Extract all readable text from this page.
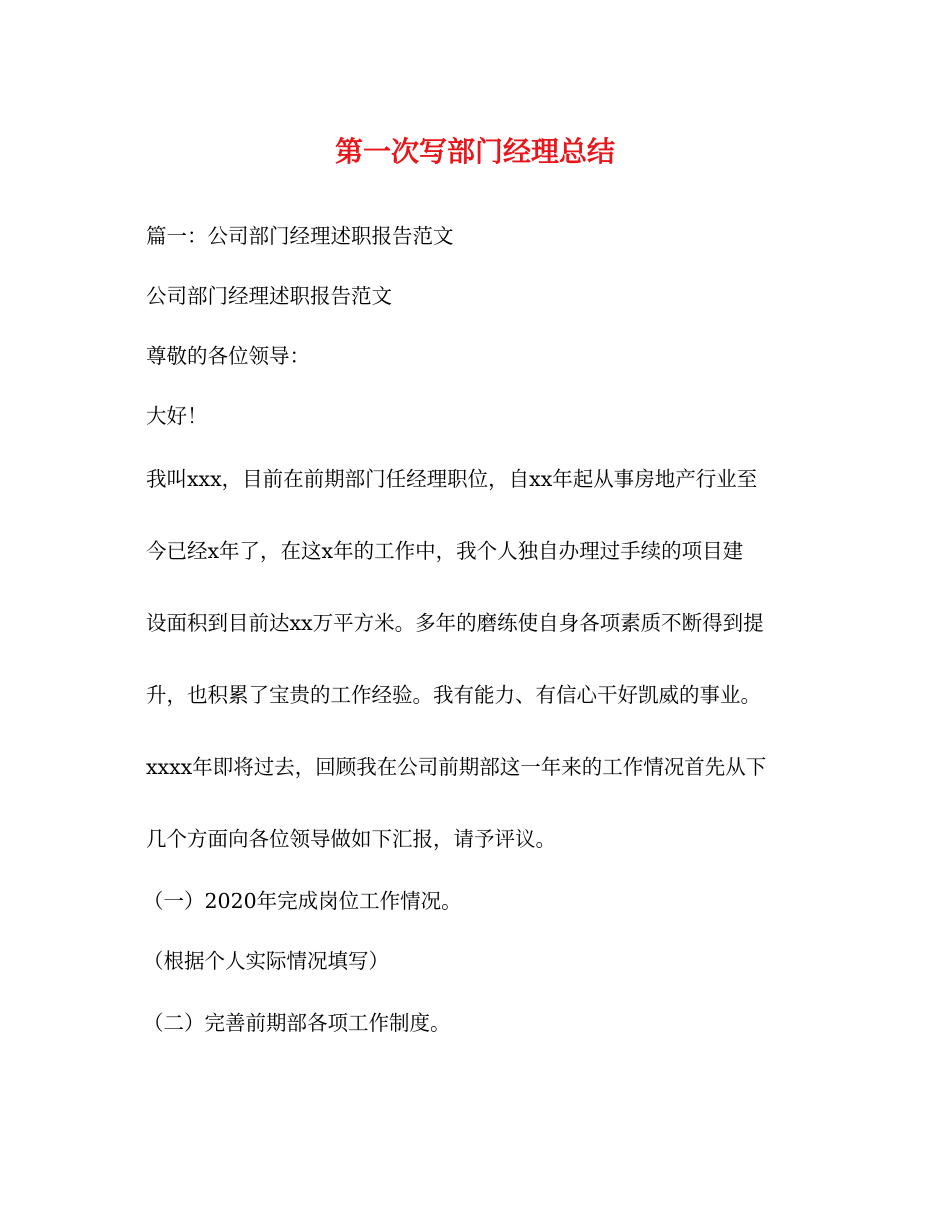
第一次写部门经理总结

篇一：公司部门经理述职报告范文

公司部门经理述职报告范文

尊敬的各位领导：

大好！

我叫xxx，目前在前期部门任经理职位，自xx年起从事房地产行业至

今已经x年了，在这x年的工作中，我个人独自办理过手续的项目建

设面积到目前达xx万平方米。多年的磨练使自身各项素质不断得到提

升，也积累了宝贵的工作经验。我有能力、有信心干好凯威的事业。

xxxx年即将过去，回顾我在公司前期部这一年来的工作情况首先从下

几个方面向各位领导做如下汇报，请予评议。

（一）2020年完成岗位工作情况。

（根据个人实际情况填写）

（二）完善前期部各项工作制度。
